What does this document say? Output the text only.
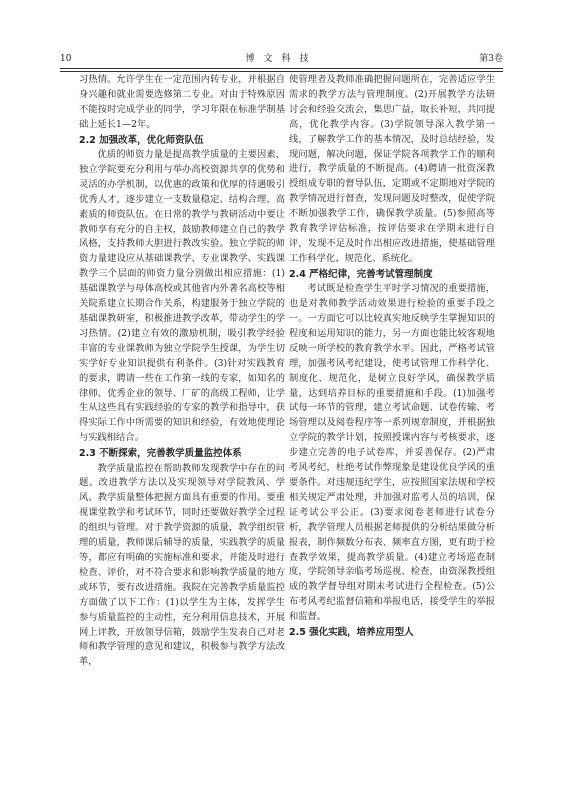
10	博文科技	第3卷

习热情。允许学生在一定范围内转专业，并根据自身兴趣和就业需要选修第二专业。对由于特殊原因不能按时完成学业的同学，学习年限在标准学制基础上延长1—2年。

2.2 加强改革，优化师资队伍

优质的师资力量是提高教学质量的主要因素，独立学院要充分利用与举办高校资源共享的优势和灵活的办学机制，以优惠的政策和优厚的待遇吸引优秀人才，逐步建立一支数量稳定、结构合理、高素质的师资队伍。在日常的教学与教研活动中要让教师享有充分的自主权，鼓励教师建立自己的教学风格，支持教师大胆进行教改实验。独立学院的师资力量建设应从基础课教学、专业课教学、实践课教学三个层面的师资力量分别做出相应措施：(1)基础课教学与母体高校或其他省内外著名高校等相关院系建立长期合作关系，构建服务于独立学院的基础课教研室，积极推进教学改革，带动学生的学习热情。(2)建立有效的激励机制，吸引教学经验丰富的专业课教师为独立学院学生授课，为学生切实学好专业知识提供有利条件。(3)针对实践教育的要求，聘请一些在工作第一线的专家，如知名的律师、优秀企业的领导、厂矿的高级工程师，让学生从这些具有实践经验的专家的教学和指导中，获得实际工作中所需要的知识和经验，有效地使理论与实践相结合。

2.3 不断探索，完善教学质量监控体系

教学质量监控在帮助教师发现教学中存在的问题、改进教学方法以及实现领导对学院教风、学风、教学质量整体把握方面具有重要的作用。要重视课堂教学和考试环节，同时还要做好教学全过程的组织与管理。对于教学资源的质量，教学组织管理的质量，教师课后辅导的质量，实践教学的质量等，都应有明确的实施标准和要求，并能及时进行检查、评价，对不符合要求和影响教学质量的地方或环节，要有改进措施。我院在完善教学质量监控方面做了以下工作：(1)以学生为主体，发挥学生参与质量监控的主动性，充分利用信息技术，开展网上评教，开放领导信箱，鼓励学生发表自己对老师和教学管理的意见和建议，积极参与教学方法改革，

使管理者及教师准确把握问题所在，完善适应学生需求的教学方法与管理制度。(2)开展教学方法研讨会和经验交流会，集思广益，取长补短，共同提高，优化教学内容。(3)学院领导深入教学第一线，了解教学工作的基本情况，及时总结经验，发现问题，解决问题，保证学院各项教学工作的顺利进行，教学质量的不断提高。(4)聘请一批资深教授组成专职的督导队伍，定期或不定期地对学院的教学情况进行督查，发现问题及时整改，促使学院不断加强教学工作，确保教学质量。(5)参照高等教育教学评估标准，按评估要求在学期末进行自评，发现不足及时作出相应改进措施，使基础管理工作科学化、规范化、系统化。

2.4 严格纪律，完善考试管理制度

考试既是检查学生平时学习情况的重要措施，也是对教师教学活动效果进行检验的重要手段之一。一方面它可以比较真实地反映学生掌握知识的程度和运用知识的能力，另一方面也能比较客观地反映一所学校的教育教学水平。因此，严格考试管理，加强考风考纪建设，使考试管理工作科学化、制度化、规范化，是树立良好学风，确保教学质量，达到培养目标的重要措施和手段。(1)加强考试每一环节的管理，建立考试命题、试卷传输、考场管理以及阅卷程序等一系列规章制度，并根据独立学院的教学计划，按照授课内容与考核要求，逐步建立完善的电子试卷库，并妥善保存。(2)严肃考风考纪，杜绝考试作弊现象是建设优良学风的重要条件。对违规违纪学生，应按照国家法规和学校相关规定严肃处理，并加强对监考人员的培训，保证考试公平公正。(3)要求阅卷老师进行试卷分析，教学管理人员根据老师提供的分析结果做分析报表，制作频数分布表、频率直方图，更有助于检查教学效果，提高教学质量。(4)建立考场巡查制度，学院领导亲临考场巡视、检查，由资深教授组成的教学督导组对期末考试进行全程检查。(5)公布考风考纪监督信箱和举报电话，接受学生的举报和监督。

2.5 强化实践，培养应用型人
